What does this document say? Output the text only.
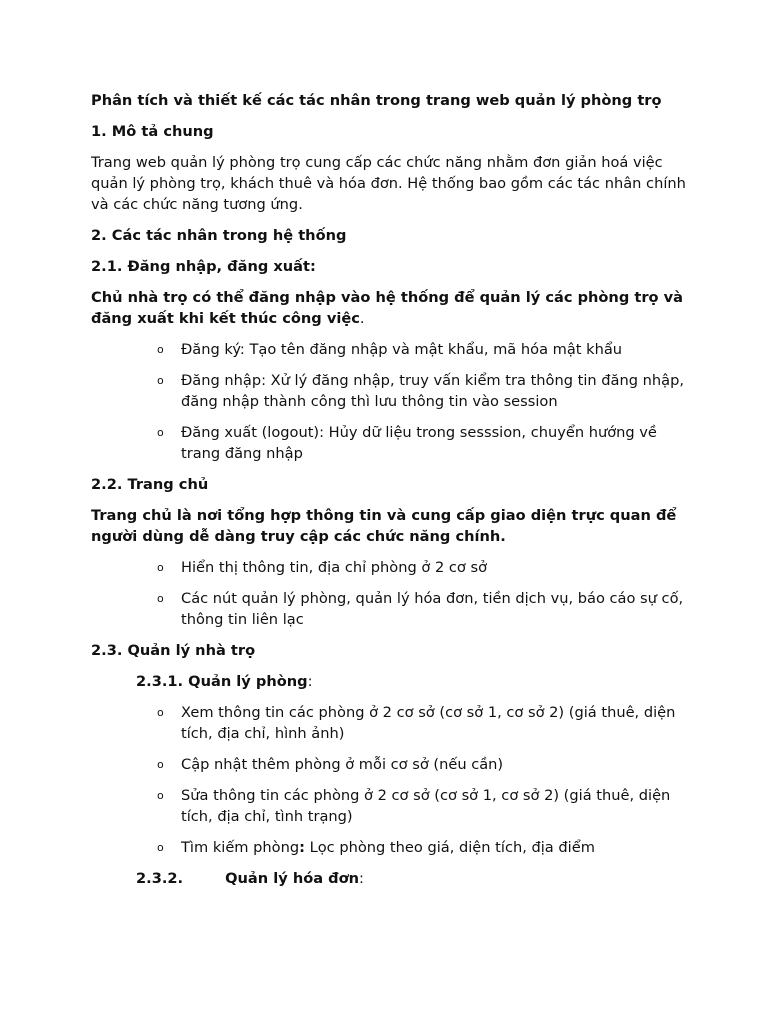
Phân tích và thiết kế các tác nhân trong trang web quản lý phòng trọ

1. Mô tả chung

Trang web quản lý phòng trọ cung cấp các chức năng nhằm đơn giản hoá việc quản lý phòng trọ, khách thuê và hóa đơn. Hệ thống bao gồm các tác nhân chính và các chức năng tương ứng.

2. Các tác nhân trong hệ thống

2.1. Đăng nhập, đăng xuất:

Chủ nhà trọ có thể đăng nhập vào hệ thống để quản lý các phòng trọ và đăng xuất khi kết thúc công việc.

o Đăng ký: Tạo tên đăng nhập và mật khẩu, mã hóa mật khẩu
o Đăng nhập: Xử lý đăng nhập, truy vấn kiểm tra thông tin đăng nhập, đăng nhập thành công thì lưu thông tin vào session
o Đăng xuất (logout): Hủy dữ liệu trong sesssion, chuyển hướng về trang đăng nhập

2.2. Trang chủ

Trang chủ là nơi tổng hợp thông tin và cung cấp giao diện trực quan để người dùng dễ dàng truy cập các chức năng chính.

o Hiển thị thông tin, địa chỉ phòng ở 2 cơ sở
o Các nút quản lý phòng, quản lý hóa đơn, tiền dịch vụ, báo cáo sự cố, thông tin liên lạc

2.3. Quản lý nhà trọ

2.3.1. Quản lý phòng:

o Xem thông tin các phòng ở 2 cơ sở (cơ sở 1, cơ sở 2) (giá thuê, diện tích, địa chỉ, hình ảnh)
o Cập nhật thêm phòng ở mỗi cơ sở (nếu cần)
o Sửa thông tin các phòng ở 2 cơ sở (cơ sở 1, cơ sở 2) (giá thuê, diện tích, địa chỉ, tình trạng)
o Tìm kiếm phòng: Lọc phòng theo giá, diện tích, địa điểm

2.3.2.	Quản lý hóa đơn:
